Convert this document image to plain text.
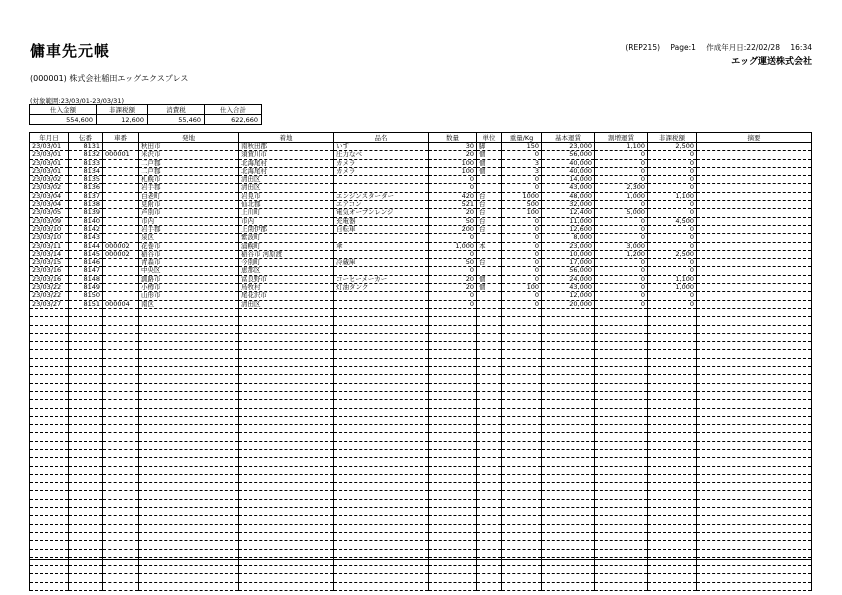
傭車先元帳	(REP215) Page:1 作成年月日:22/02/28 16:34
エッグ運送株式会社
(000001) 株式会社稲田エッグエクスプレス
(対象範囲:23/03/01-23/03/31)
仕入金額	非課税額	消費税	仕入合計
554,600	12,600	55,460	622,660
年月日	伝番	車番	発地	着地	品名	数量	単位	重量/Kg	基本運賃	割増運賃	非課税額	摘要
23/03/01	8131		秋田市	南秋田郡	いす	30	脚	150	23,000	1,100	2,500	
23/03/01	8132	000001	米沢市	須賀川市	圧力なべ	20	個	0	56,000	0	0	
23/03/01	8133		二戸郡	北海尾村	カメラ	100	個	3	40,000	0	0	
23/03/01	8134		二戸郡	北海尾村	カメラ	100	個	3	40,000	0	0	
23/03/02	8135		札幌市	清田区		0		0	14,000	0	0	
23/03/02	8136		岩手郡	清田区		0		0	43,000	2,300	0	
23/03/04	8137		白老町	岩見市	エンジンスターター	420	台	1000	48,000	1,000	1,100	
23/03/04	8138		見附市	仙北郡	エアコン	521	台	500	32,000	0	0	
23/03/05	8139		芦別市	上川町	電気オーブンレンジ	20	台	100	12,400	5,000	0	
23/03/09	8140		市内	市内	充電器	50	台	0	11,000	0	4,500	
23/03/10	8142		岩手郡	上閉伊郡	自転車	200	台	0	12,600	0	0	
23/03/10	8143		泉区	紫波町		0		0	8,000	0	0	
23/03/11	8144	000002	花巻市	浦幌町	傘	1,000	本	0	23,000	3,000	0	
23/03/14	8145	000002	稲谷市	稲谷市 河原渡		0		0	10,000	1,200	2,500	
23/03/15	8146		青森市	今別町	冷蔵庫	50	台	0	17,000	0	0	
23/03/16	8147		中央区	恵那区		0		0	56,000	0	0	
23/03/16	8148		釧路市	富良野市	コーヒーメーカー	20	個	0	24,000	0	1,100	
23/03/22	8149		小樽市	鳥牧村	灯油タンク	20	個	100	43,000	0	1,000	
23/03/22	8150		山形市	尾花沢市		0		0	12,000	0	0	
23/03/27	8151	000004	南区	清田区		0		0	20,000	0	0	
